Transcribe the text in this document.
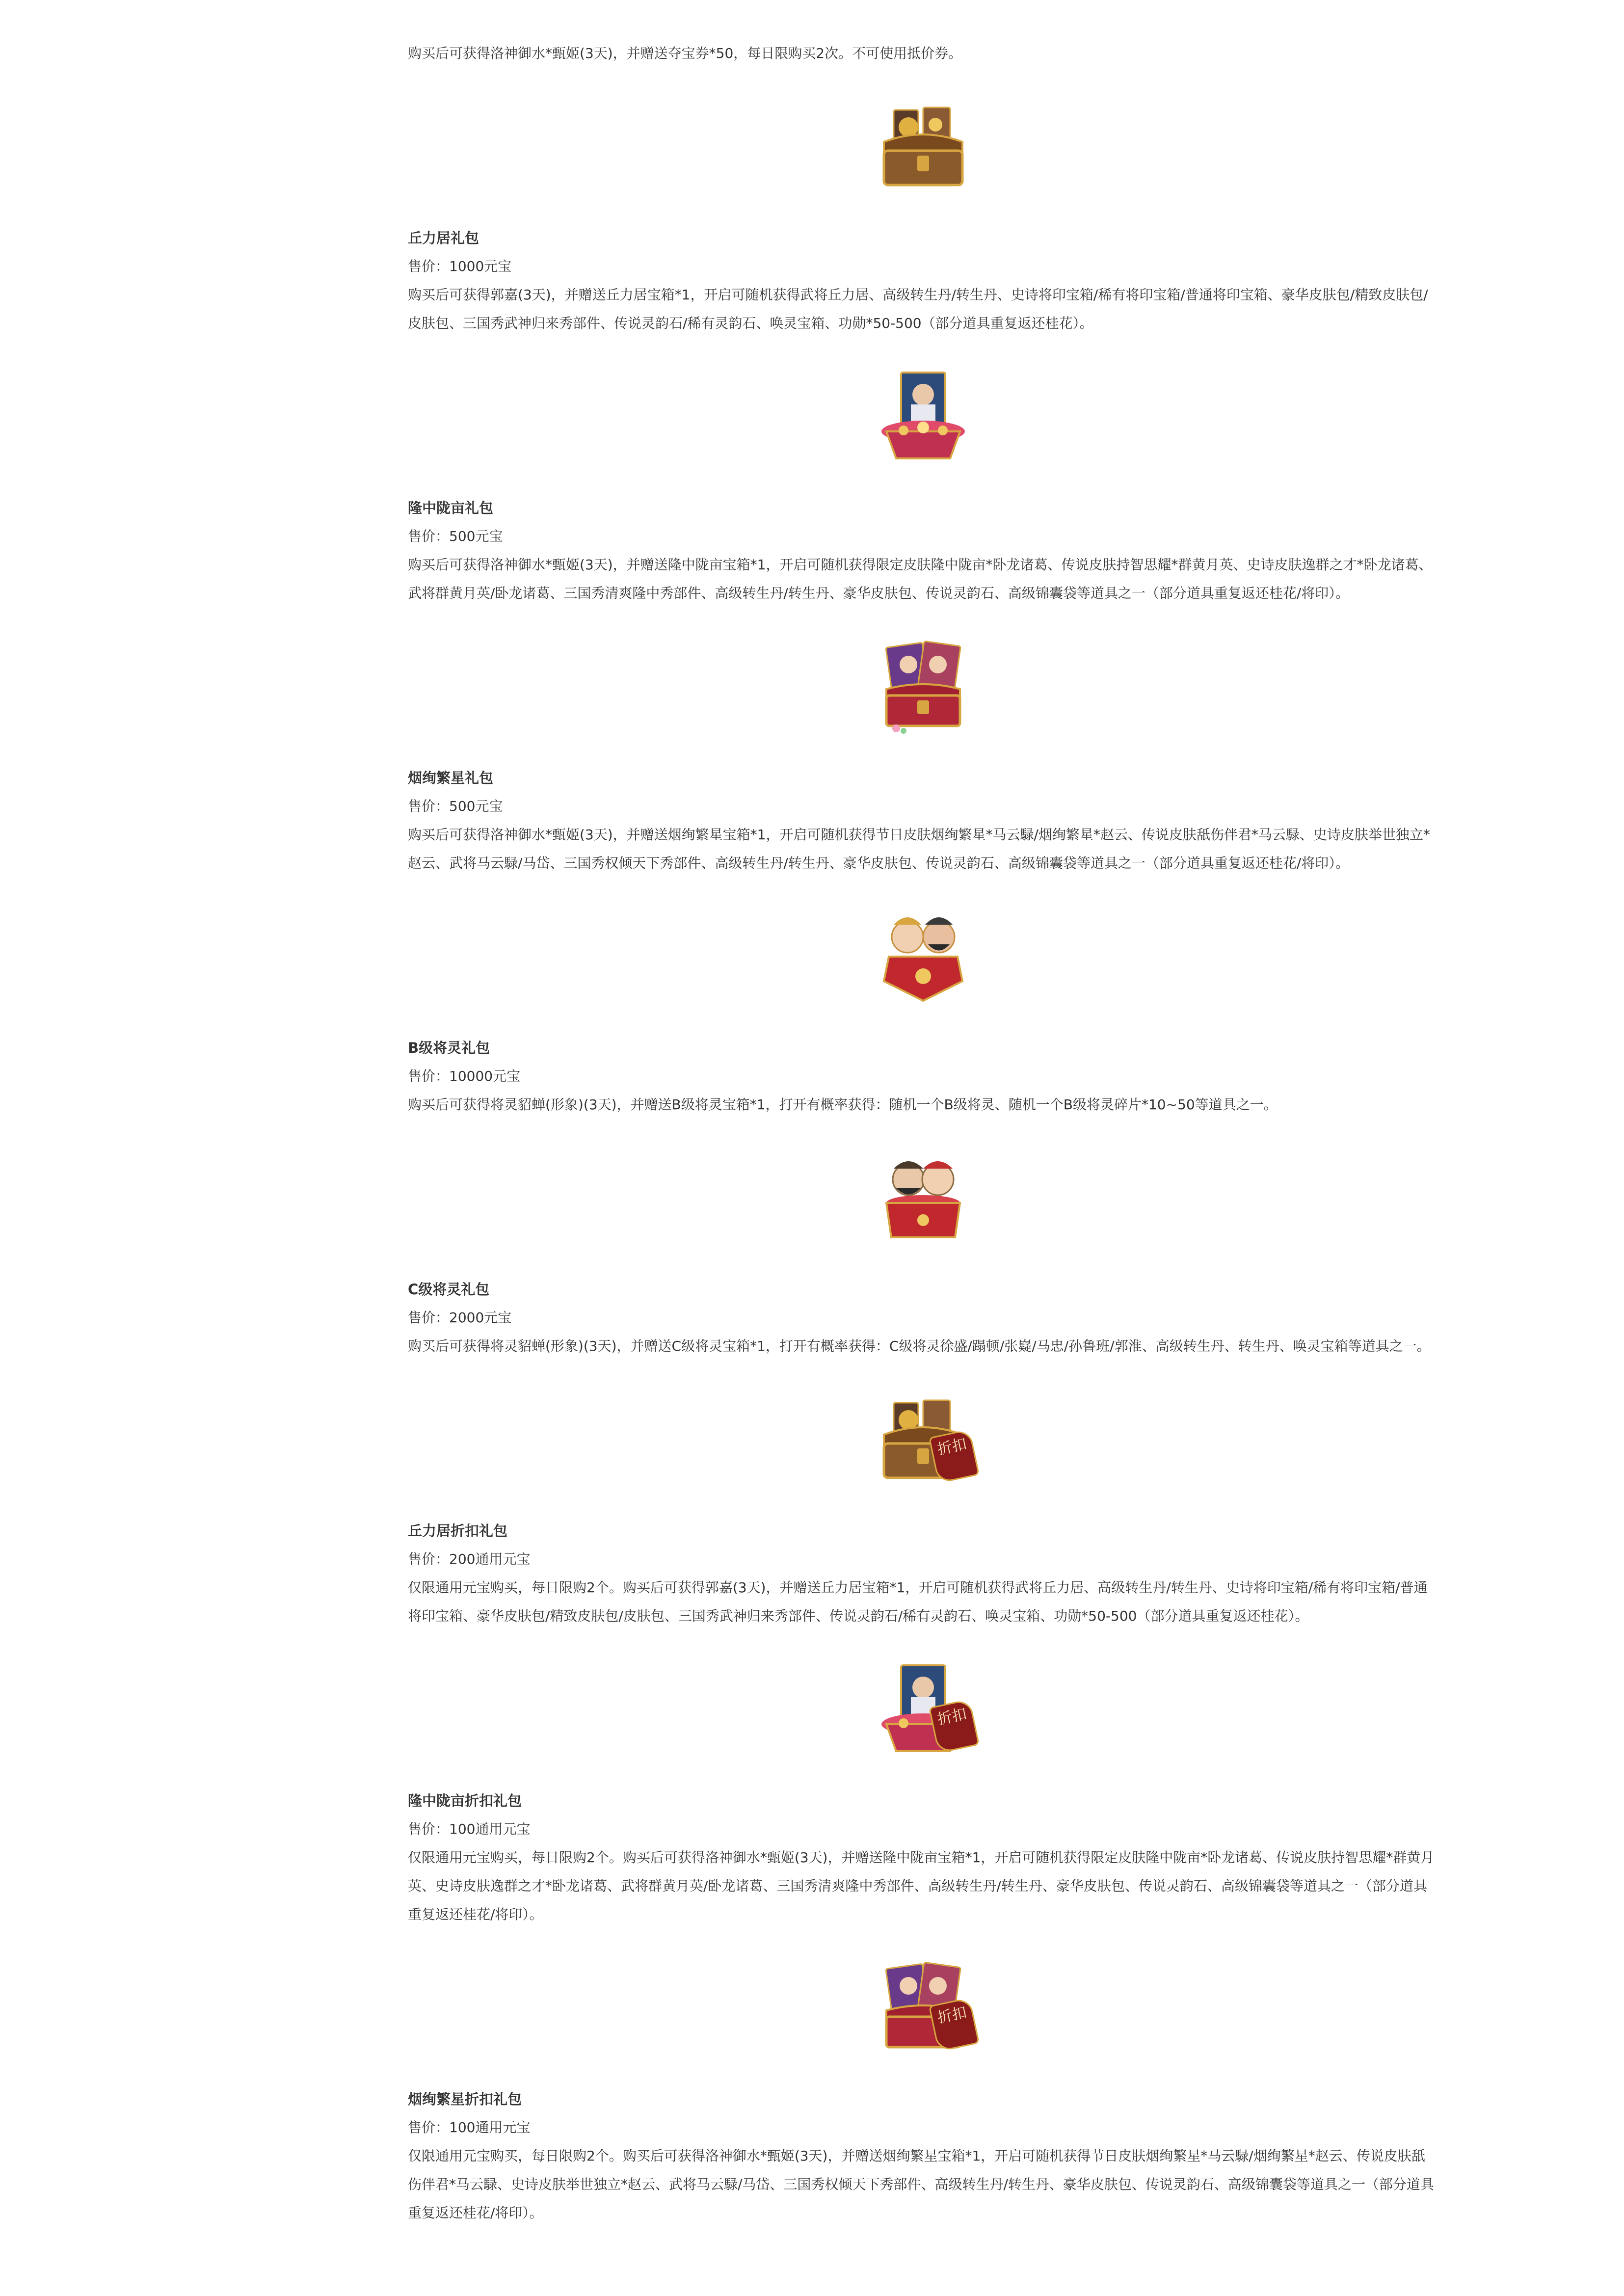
购买后可获得洛神御水*甄姬(3天)，并赠送夺宝券*50，每日限购买2次。不可使用抵价券。

丘力居礼包

售价：1000元宝

购买后可获得郭嘉(3天)，并赠送丘力居宝箱*1，开启可随机获得武将丘力居、高级转生丹/转生丹、史诗将印宝箱/稀有将印宝箱/普通将印宝箱、豪华皮肤包/精致皮肤包/皮肤包、三国秀武神归来秀部件、传说灵韵石/稀有灵韵石、唤灵宝箱、功勋*50-500（部分道具重复返还桂花）。

隆中陇亩礼包

售价：500元宝

购买后可获得洛神御水*甄姬(3天)，并赠送隆中陇亩宝箱*1，开启可随机获得限定皮肤隆中陇亩*卧龙诸葛、传说皮肤持智思耀*群黄月英、史诗皮肤逸群之才*卧龙诸葛、武将群黄月英/卧龙诸葛、三国秀清爽隆中秀部件、高级转生丹/转生丹、豪华皮肤包、传说灵韵石、高级锦囊袋等道具之一（部分道具重复返还桂花/将印）。

烟绚繁星礼包

售价：500元宝

购买后可获得洛神御水*甄姬(3天)，并赠送烟绚繁星宝箱*1，开启可随机获得节日皮肤烟绚繁星*马云騄/烟绚繁星*赵云、传说皮肤舐伤伴君*马云騄、史诗皮肤举世独立*赵云、武将马云騄/马岱、三国秀权倾天下秀部件、高级转生丹/转生丹、豪华皮肤包、传说灵韵石、高级锦囊袋等道具之一（部分道具重复返还桂花/将印）。

B级将灵礼包

售价：10000元宝

购买后可获得将灵貂蝉(形象)(3天)，并赠送B级将灵宝箱*1，打开有概率获得：随机一个B级将灵、随机一个B级将灵碎片*10~50等道具之一。

C级将灵礼包

售价：2000元宝

购买后可获得将灵貂蝉(形象)(3天)，并赠送C级将灵宝箱*1，打开有概率获得：C级将灵徐盛/蹋顿/张嶷/马忠/孙鲁班/郭淮、高级转生丹、转生丹、唤灵宝箱等道具之一。

折扣

丘力居折扣礼包

售价：200通用元宝

仅限通用元宝购买，每日限购2个。购买后可获得郭嘉(3天)，并赠送丘力居宝箱*1，开启可随机获得武将丘力居、高级转生丹/转生丹、史诗将印宝箱/稀有将印宝箱/普通将印宝箱、豪华皮肤包/精致皮肤包/皮肤包、三国秀武神归来秀部件、传说灵韵石/稀有灵韵石、唤灵宝箱、功勋*50-500（部分道具重复返还桂花）。

折扣

隆中陇亩折扣礼包

售价：100通用元宝

仅限通用元宝购买，每日限购2个。购买后可获得洛神御水*甄姬(3天)，并赠送隆中陇亩宝箱*1，开启可随机获得限定皮肤隆中陇亩*卧龙诸葛、传说皮肤持智思耀*群黄月英、史诗皮肤逸群之才*卧龙诸葛、武将群黄月英/卧龙诸葛、三国秀清爽隆中秀部件、高级转生丹/转生丹、豪华皮肤包、传说灵韵石、高级锦囊袋等道具之一（部分道具重复返还桂花/将印）。

折扣

烟绚繁星折扣礼包

售价：100通用元宝

仅限通用元宝购买，每日限购2个。购买后可获得洛神御水*甄姬(3天)，并赠送烟绚繁星宝箱*1，开启可随机获得节日皮肤烟绚繁星*马云騄/烟绚繁星*赵云、传说皮肤舐伤伴君*马云騄、史诗皮肤举世独立*赵云、武将马云騄/马岱、三国秀权倾天下秀部件、高级转生丹/转生丹、豪华皮肤包、传说灵韵石、高级锦囊袋等道具之一（部分道具重复返还桂花/将印）。
